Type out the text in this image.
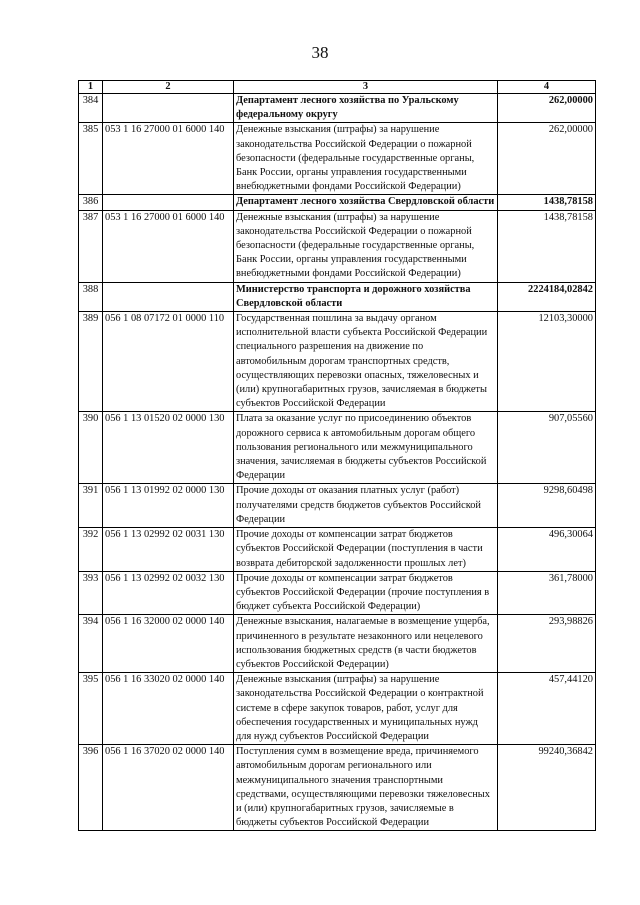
38
1	2	3	4
384		Департамент лесного хозяйства по Уральскому федеральному округу	262,00000
385	053 1 16 27000 01 6000 140	Денежные взыскания (штрафы) за нарушение законодательства Российской Федерации о пожарной безопасности (федеральные государственные органы, Банк России, органы управления государственными внебюджетными фондами Российской Федерации)	262,00000
386		Департамент лесного хозяйства Свердловской области	1438,78158
387	053 1 16 27000 01 6000 140	Денежные взыскания (штрафы) за нарушение законодательства Российской Федерации о пожарной безопасности (федеральные государственные органы, Банк России, органы управления государственными внебюджетными фондами Российской Федерации)	1438,78158
388		Министерство транспорта и дорожного хозяйства Свердловской области	2224184,02842
389	056 1 08 07172 01 0000 110	Государственная пошлина за выдачу органом исполнительной власти субъекта Российской Федерации специального разрешения на движение по автомобильным дорогам транспортных средств, осуществляющих перевозки опасных, тяжеловесных и (или) крупногабаритных грузов, зачисляемая в бюджеты субъектов Российской Федерации	12103,30000
390	056 1 13 01520 02 0000 130	Плата за оказание услуг по присоединению объектов дорожного сервиса к автомобильным дорогам общего пользования регионального или межмуниципального значения, зачисляемая в бюджеты субъектов Российской Федерации	907,05560
391	056 1 13 01992 02 0000 130	Прочие доходы от оказания платных услуг (работ) получателями средств бюджетов субъектов Российской Федерации	9298,60498
392	056 1 13 02992 02 0031 130	Прочие доходы от компенсации затрат бюджетов субъектов Российской Федерации (поступления в части возврата дебиторской задолженности прошлых лет)	496,30064
393	056 1 13 02992 02 0032 130	Прочие доходы от компенсации затрат бюджетов субъектов Российской Федерации (прочие поступления в бюджет субъекта Российской Федерации)	361,78000
394	056 1 16 32000 02 0000 140	Денежные взыскания, налагаемые в возмещение ущерба, причиненного в результате незаконного или нецелевого использования бюджетных средств (в части бюджетов субъектов Российской Федерации)	293,98826
395	056 1 16 33020 02 0000 140	Денежные взыскания (штрафы) за нарушение законодательства Российской Федерации о контрактной системе в сфере закупок товаров, работ, услуг для обеспечения государственных и муниципальных нужд для нужд субъектов Российской Федерации	457,44120
396	056 1 16 37020 02 0000 140	Поступления сумм в возмещение вреда, причиняемого автомобильным дорогам регионального или межмуниципального значения транспортными средствами, осуществляющими перевозки тяжеловесных и (или) крупногабаритных грузов, зачисляемые в бюджеты субъектов Российской Федерации	99240,36842
